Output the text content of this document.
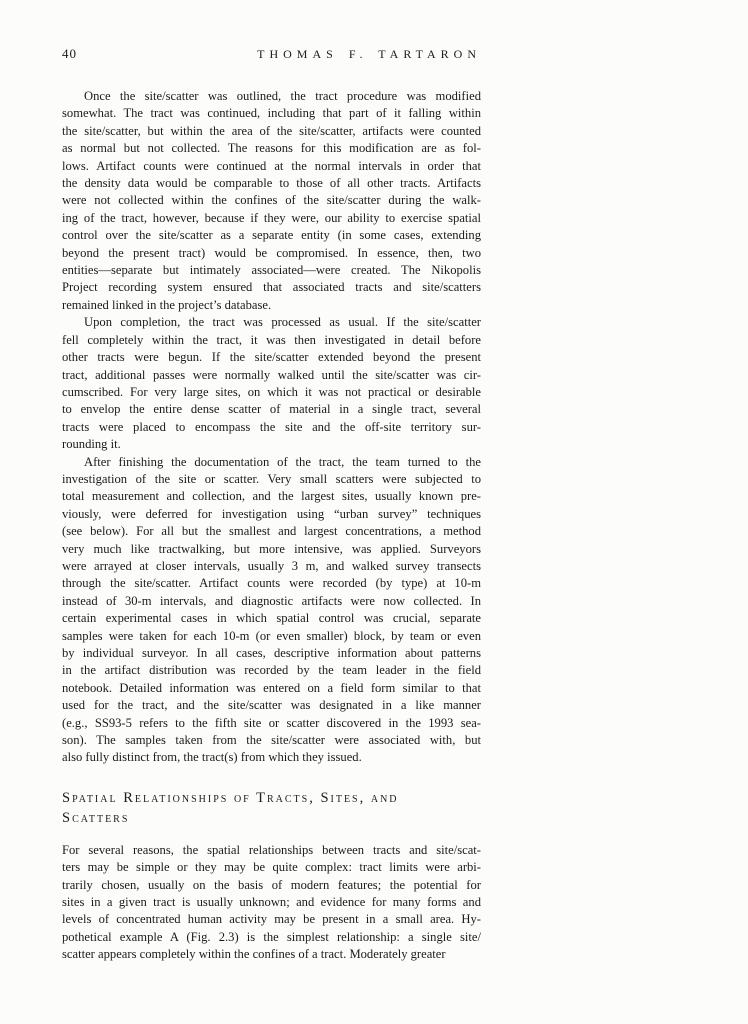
40	THOMAS F. TARTARON

Once the site/scatter was outlined, the tract procedure was modified
somewhat. The tract was continued, including that part of it falling within
the site/scatter, but within the area of the site/scatter, artifacts were counted
as normal but not collected. The reasons for this modification are as fol-
lows. Artifact counts were continued at the normal intervals in order that
the density data would be comparable to those of all other tracts. Artifacts
were not collected within the confines of the site/scatter during the walk-
ing of the tract, however, because if they were, our ability to exercise spatial
control over the site/scatter as a separate entity (in some cases, extending
beyond the present tract) would be compromised. In essence, then, two
entities—separate but intimately associated—were created. The Nikopolis
Project recording system ensured that associated tracts and site/scatters
remained linked in the project’s database.

Upon completion, the tract was processed as usual. If the site/scatter
fell completely within the tract, it was then investigated in detail before
other tracts were begun. If the site/scatter extended beyond the present
tract, additional passes were normally walked until the site/scatter was cir-
cumscribed. For very large sites, on which it was not practical or desirable
to envelop the entire dense scatter of material in a single tract, several
tracts were placed to encompass the site and the off-site territory sur-
rounding it.

After finishing the documentation of the tract, the team turned to the
investigation of the site or scatter. Very small scatters were subjected to
total measurement and collection, and the largest sites, usually known pre-
viously, were deferred for investigation using “urban survey” techniques
(see below). For all but the smallest and largest concentrations, a method
very much like tractwalking, but more intensive, was applied. Surveyors
were arrayed at closer intervals, usually 3 m, and walked survey transects
through the site/scatter. Artifact counts were recorded (by type) at 10-m
instead of 30-m intervals, and diagnostic artifacts were now collected. In
certain experimental cases in which spatial control was crucial, separate
samples were taken for each 10-m (or even smaller) block, by team or even
by individual surveyor. In all cases, descriptive information about patterns
in the artifact distribution was recorded by the team leader in the field
notebook. Detailed information was entered on a field form similar to that
used for the tract, and the site/scatter was designated in a like manner
(e.g., SS93-5 refers to the fifth site or scatter discovered in the 1993 sea-
son). The samples taken from the site/scatter were associated with, but
also fully distinct from, the tract(s) from which they issued.

Spatial Relationships of Tracts, Sites, and
Scatters

For several reasons, the spatial relationships between tracts and site/scat-
ters may be simple or they may be quite complex: tract limits were arbi-
trarily chosen, usually on the basis of modern features; the potential for
sites in a given tract is usually unknown; and evidence for many forms and
levels of concentrated human activity may be present in a small area. Hy-
pothetical example A (Fig. 2.3) is the simplest relationship: a single site/
scatter appears completely within the confines of a tract. Moderately greater
